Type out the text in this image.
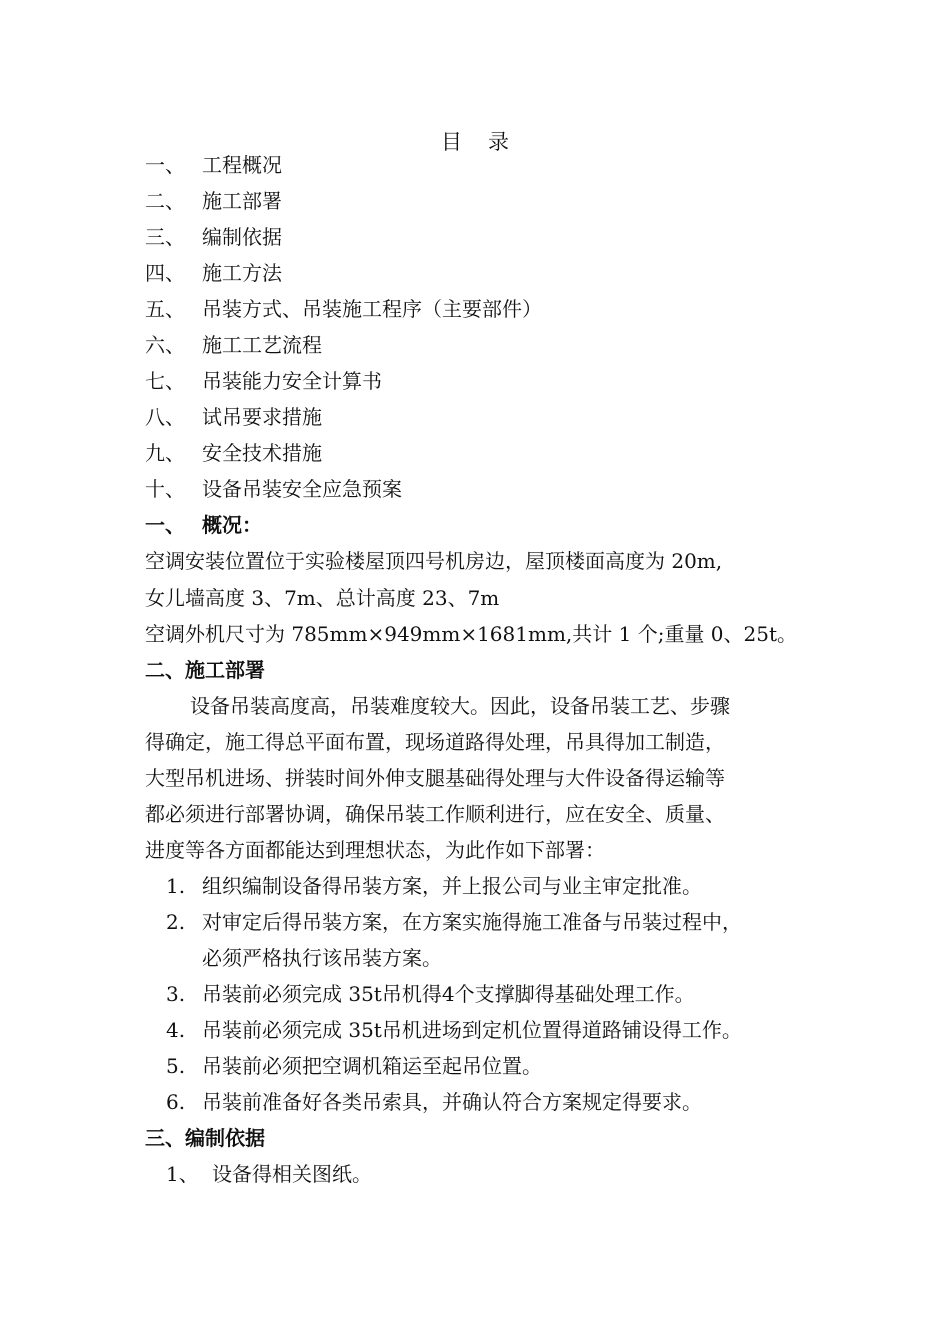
目 录
一、 工程概况
二、 施工部署
三、 编制依据
四、 施工方法
五、 吊装方式、吊装施工程序（主要部件）
六、 施工工艺流程
七、 吊装能力安全计算书
八、 试吊要求措施
九、 安全技术措施
十、 设备吊装安全应急预案
一、 概况：
空调安装位置位于实验楼屋顶四号机房边，屋顶楼面高度为 20m,
女儿墙高度 3、7m、总计高度 23、7m
空调外机尺寸为 785mm×949mm×1681mm,共计 1 个;重量 0、25t。
二、施工部署
设备吊装高度高，吊装难度较大。因此，设备吊装工艺、步骤
得确定，施工得总平面布置，现场道路得处理，吊具得加工制造，
大型吊机进场、拼装时间外伸支腿基础得处理与大件设备得运输等
都必须进行部署协调，确保吊装工作顺利进行，应在安全、质量、
进度等各方面都能达到理想状态，为此作如下部署：
1. 组织编制设备得吊装方案，并上报公司与业主审定批准。
2. 对审定后得吊装方案，在方案实施得施工准备与吊装过程中，
必须严格执行该吊装方案。
3. 吊装前必须完成 35t吊机得4个支撑脚得基础处理工作。
4. 吊装前必须完成 35t吊机进场到定机位置得道路铺设得工作。
5. 吊装前必须把空调机箱运至起吊位置。
6. 吊装前准备好各类吊索具，并确认符合方案规定得要求。
三、编制依据
1、 设备得相关图纸。
